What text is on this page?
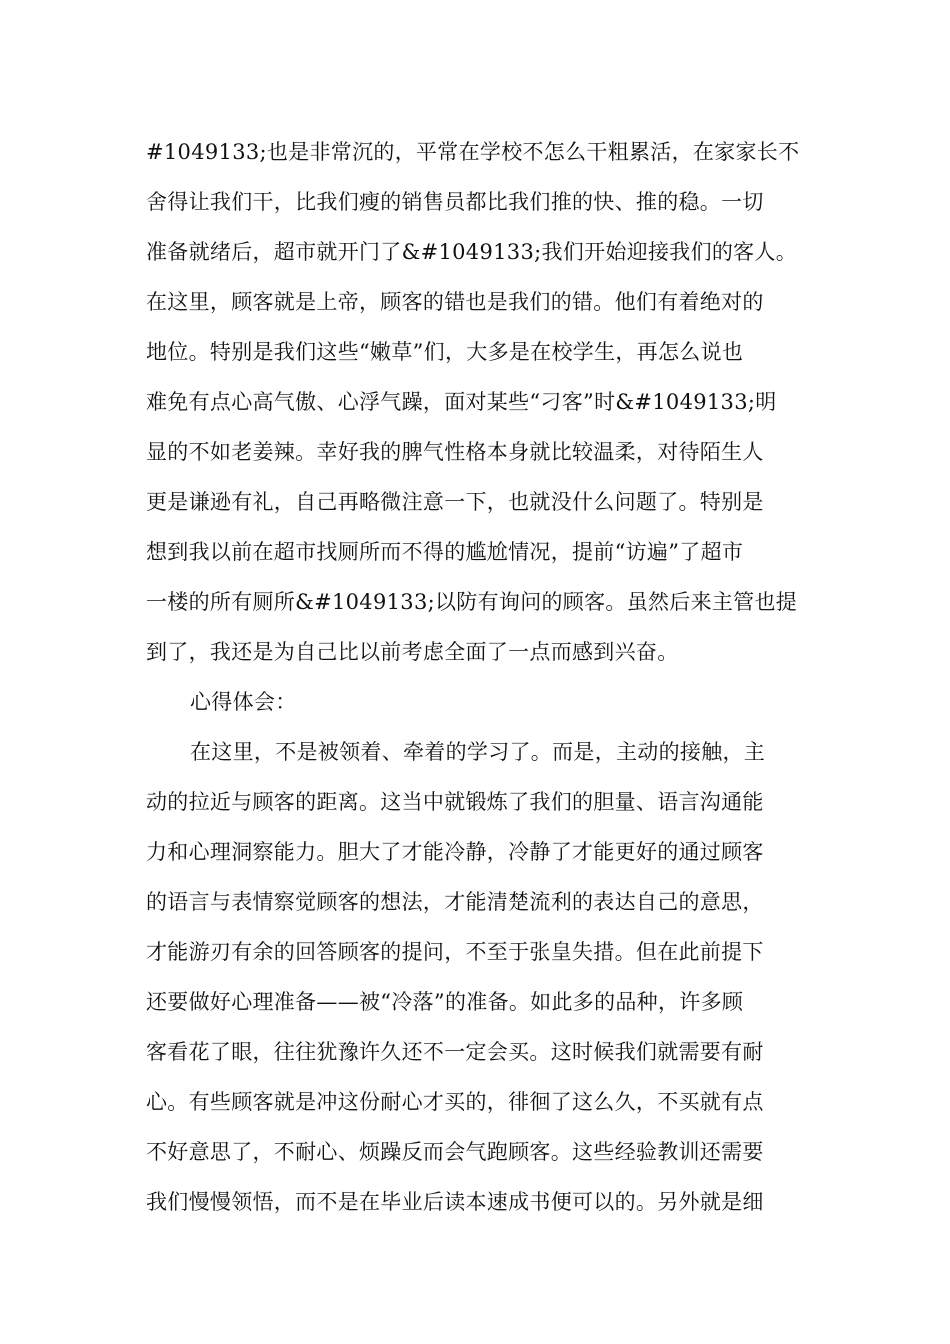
#1049133;也是非常沉的，平常在学校不怎么干粗累活，在家家长不
舍得让我们干，比我们瘦的销售员都比我们推的快、推的稳。一切
准备就绪后，超市就开门了&#1049133;我们开始迎接我们的客人。
在这里，顾客就是上帝，顾客的错也是我们的错。他们有着绝对的
地位。特别是我们这些“嫩草”们，大多是在校学生，再怎么说也
难免有点心高气傲、心浮气躁，面对某些“刁客”时&#1049133;明
显的不如老姜辣。幸好我的脾气性格本身就比较温柔，对待陌生人
更是谦逊有礼，自己再略微注意一下，也就没什么问题了。特别是
想到我以前在超市找厕所而不得的尴尬情况，提前“访遍”了超市
一楼的所有厕所&#1049133;以防有询问的顾客。虽然后来主管也提
到了，我还是为自己比以前考虑全面了一点而感到兴奋。
心得体会：
在这里，不是被领着、牵着的学习了。而是，主动的接触，主
动的拉近与顾客的距离。这当中就锻炼了我们的胆量、语言沟通能
力和心理洞察能力。胆大了才能冷静，冷静了才能更好的通过顾客
的语言与表情察觉顾客的想法，才能清楚流利的表达自己的意思，
才能游刃有余的回答顾客的提问，不至于张皇失措。但在此前提下
还要做好心理准备——被“冷落”的准备。如此多的品种，许多顾
客看花了眼，往往犹豫许久还不一定会买。这时候我们就需要有耐
心。有些顾客就是冲这份耐心才买的，徘徊了这么久，不买就有点
不好意思了，不耐心、烦躁反而会气跑顾客。这些经验教训还需要
我们慢慢领悟，而不是在毕业后读本速成书便可以的。另外就是细
